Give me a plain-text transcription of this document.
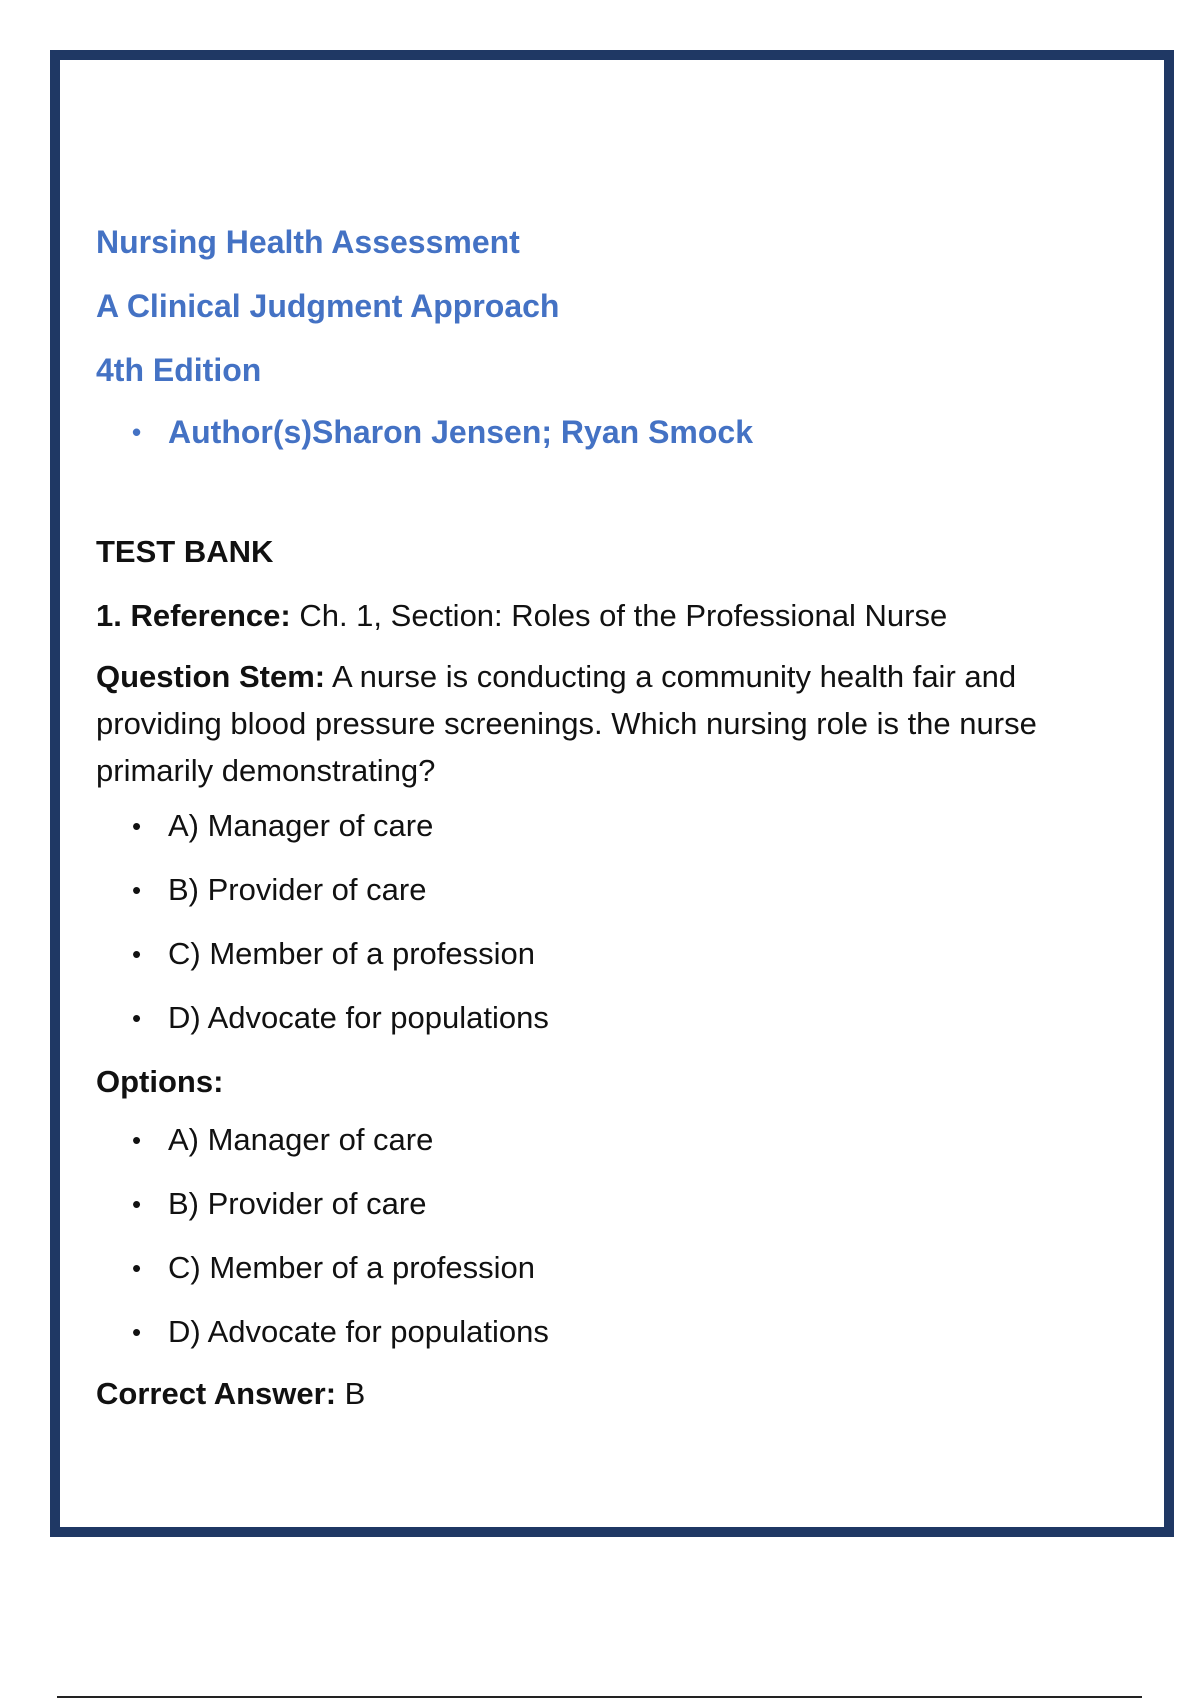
Nursing Health Assessment
A Clinical Judgment Approach
4th Edition
• Author(s)Sharon Jensen; Ryan Smock
TEST BANK
1. Reference: Ch. 1, Section: Roles of the Professional Nurse
Question Stem: A nurse is conducting a community health fair and providing blood pressure screenings. Which nursing role is the nurse primarily demonstrating?
• A) Manager of care
• B) Provider of care
• C) Member of a profession
• D) Advocate for populations
Options:
• A) Manager of care
• B) Provider of care
• C) Member of a profession
• D) Advocate for populations
Correct Answer: B
